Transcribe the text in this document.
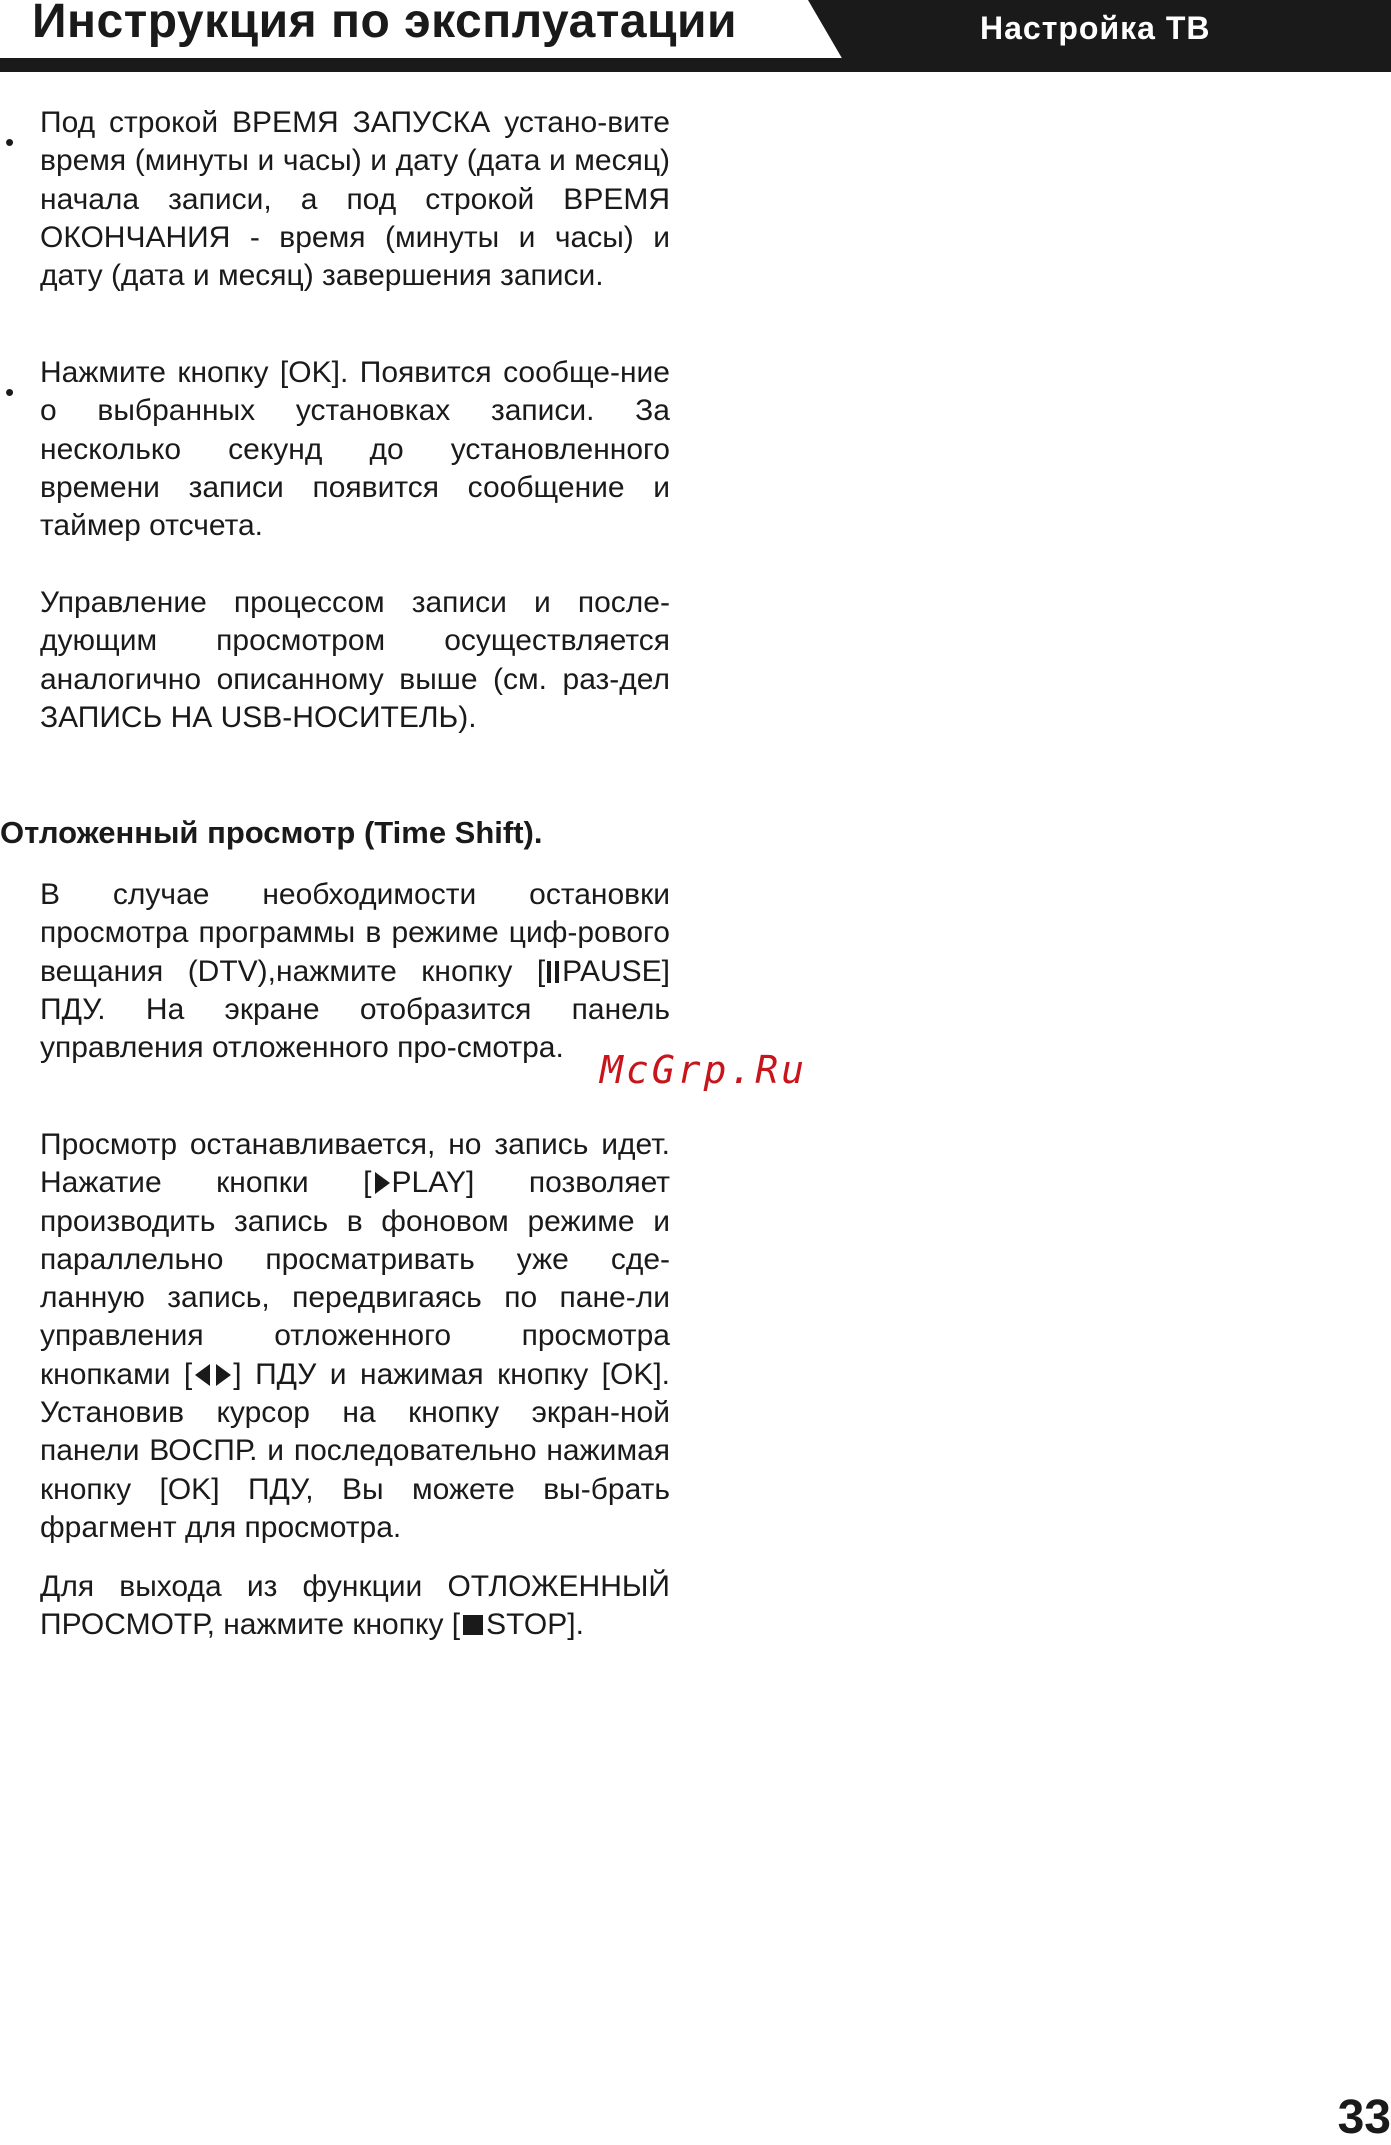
Инструкция по эксплуатации	Настройка ТВ
•

Под строкой ВРЕМЯ ЗАПУСКА устано-вите время (минуты и часы) и дату (дата и месяц) начала записи, а под строкой ВРЕМЯ ОКОНЧАНИЯ - время (минуты и часы) и дату (дата и месяц) завершения записи.

•

Нажмите кнопку [OK]. Появится сообще-ние о выбранных установках записи. За несколько секунд до установленного времени записи появится сообщение и таймер отсчета.

Управление процессом записи и после-дующим просмотром осуществляется аналогично описанному выше (см. раз-дел ЗАПИСЬ НА USB-НОСИТЕЛЬ).

Отложенный просмотр (Time Shift).

В случае необходимости остановки просмотра программы в режиме циф-рового вещания (DTV),нажмите кнопку [ PAUSE] ПДУ. На экране отобразится панель управления отложенного про-смотра.

Просмотр останавливается, но запись идет. Нажатие кнопки [ PLAY] позволяет производить запись в фоновом режиме и параллельно просматривать уже сде-ланную запись, передвигаясь по пане-ли управления отложенного просмотра кнопками [ ] ПДУ и нажимая кнопку [OK]. Установив курсор на кнопку экран-ной панели ВОСПР. и последовательно нажимая кнопку [OK] ПДУ, Вы можете вы-брать фрагмент для просмотра.

Для выхода из функции ОТЛОЖЕННЫЙ ПРОСМОТР, нажмите кнопку [ STOP].

McGrp.Ru
33
